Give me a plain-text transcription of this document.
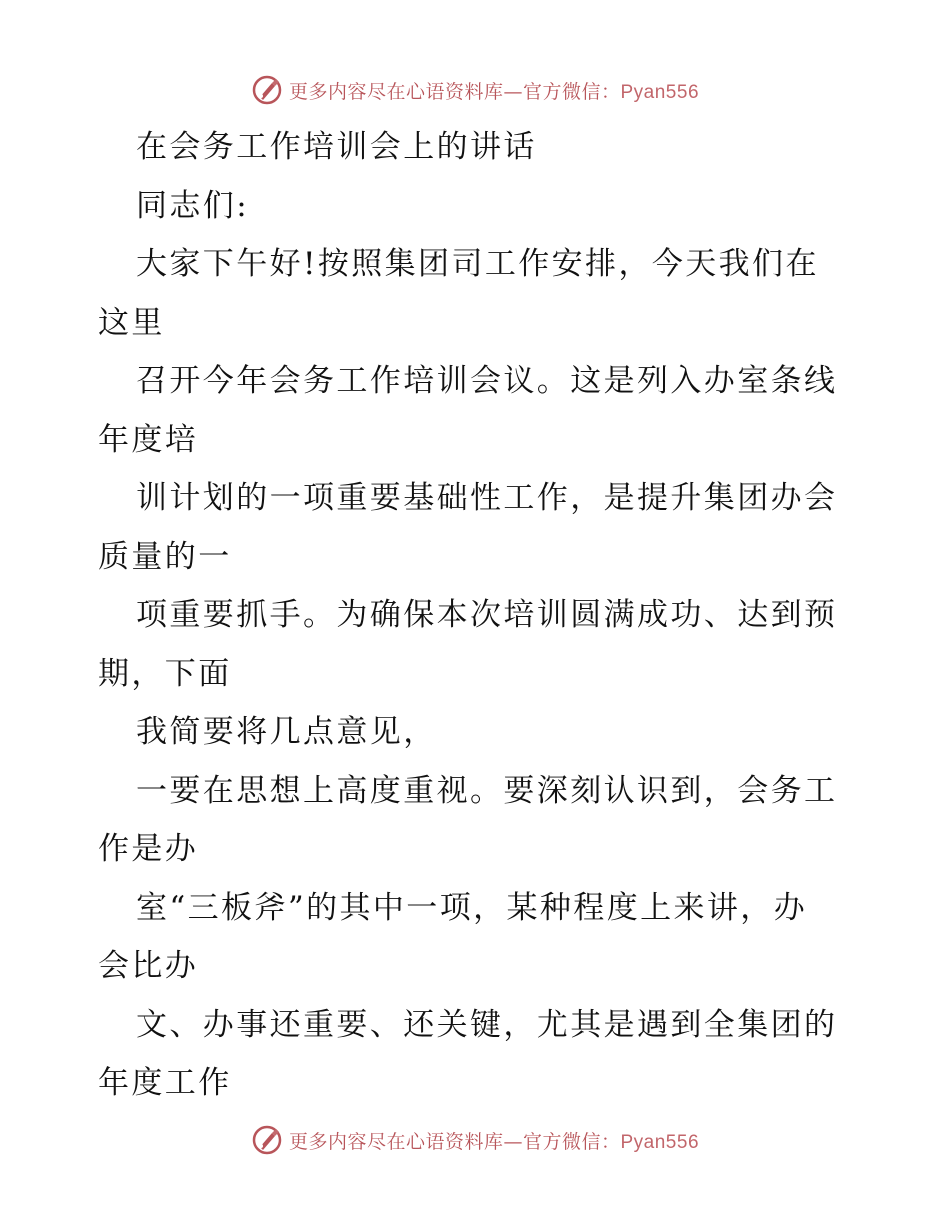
更多内容尽在心语资料库—官方微信：Pyan556
在会务工作培训会上的讲话
同志们:
大家下午好!按照集团司工作安排，今天我们在
这里
召开今年会务工作培训会议。这是列入办室条线
年度培
训计划的一项重要基础性工作，是提升集团办会
质量的一
项重要抓手。为确保本次培训圆满成功、达到预
期，下面
我简要将几点意见，
一要在思想上高度重视。要深刻认识到，会务工
作是办
室“三板斧”的其中一项，某种程度上来讲，办
会比办
文、办事还重要、还关键，尤其是遇到全集团的
年度工作
更多内容尽在心语资料库—官方微信：Pyan556
